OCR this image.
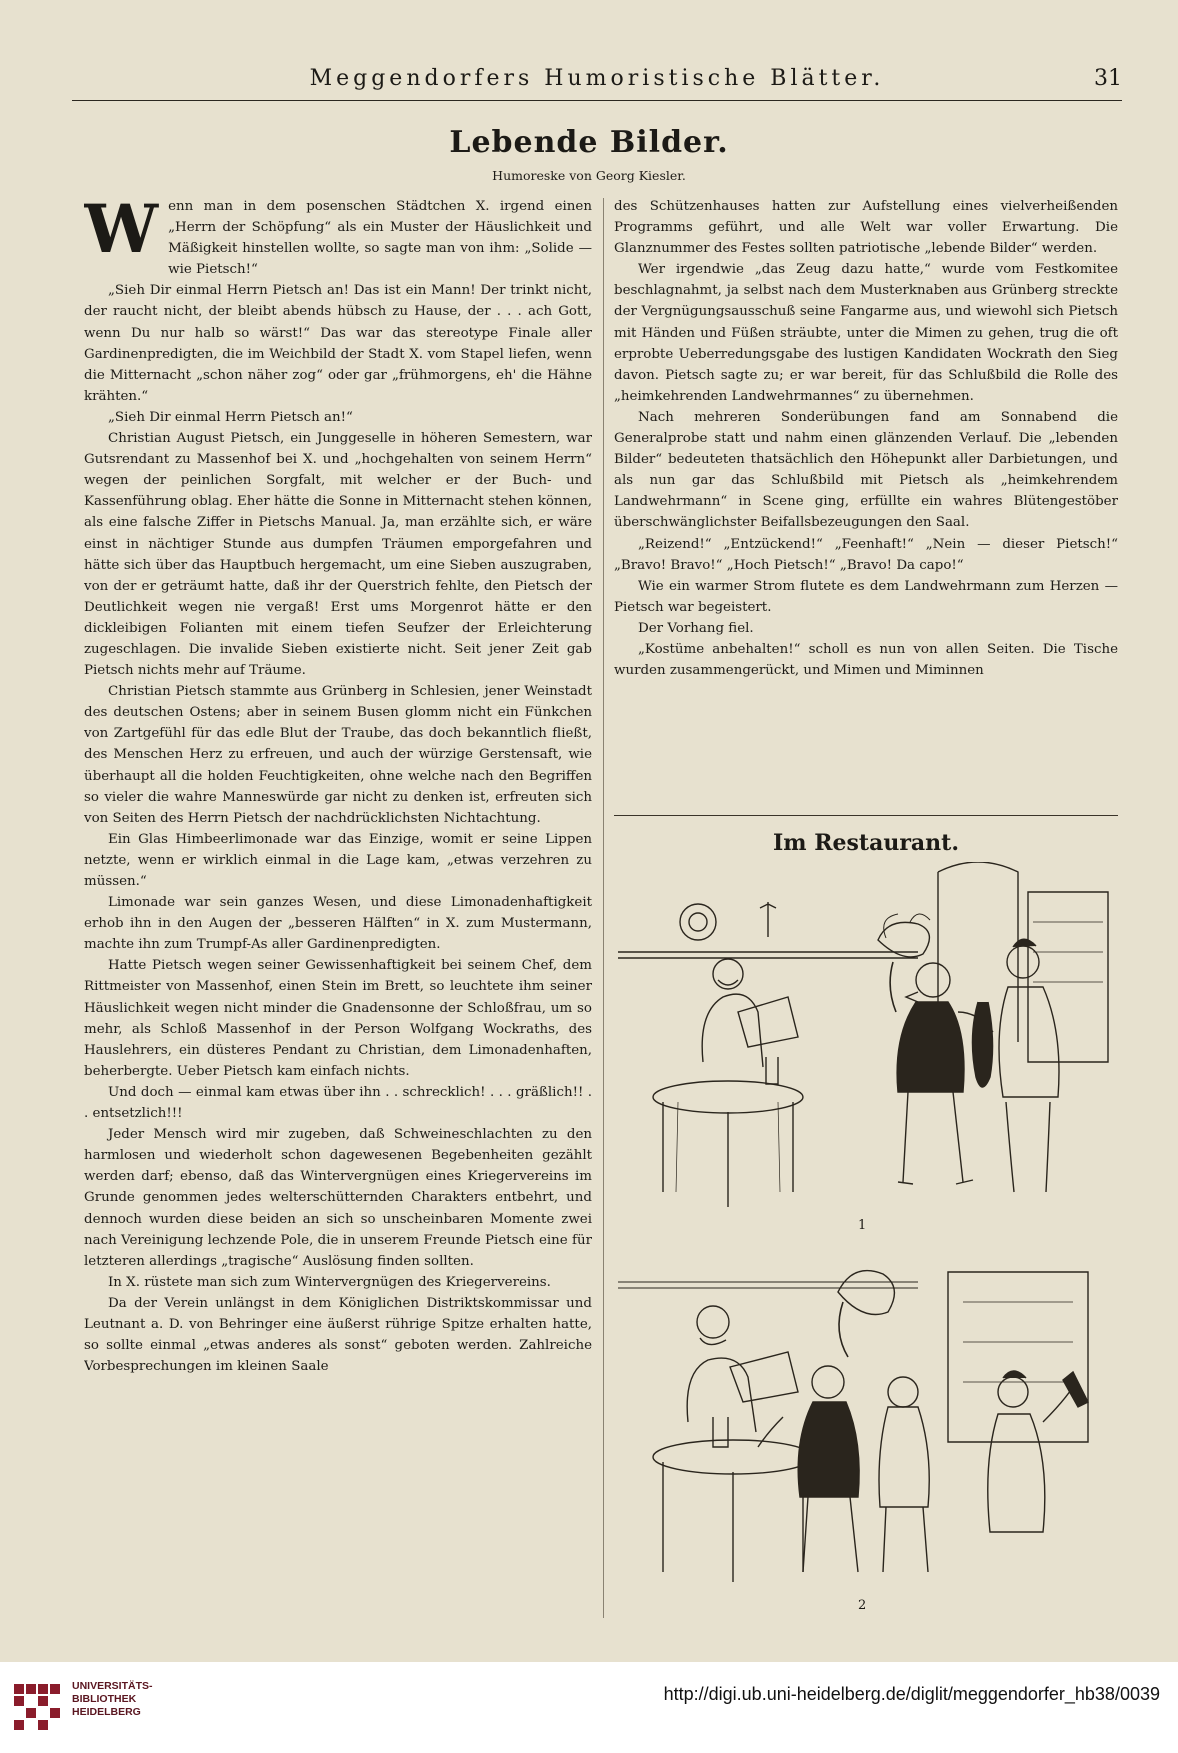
Meggendorfers Humoristische Blätter.	31
Lebende Bilder.
Humoreske von Georg Kiesler.
W enn man in dem posenschen Städtchen X. irgend einen „Herrn der Schöpfung“ als ein Muster der Häuslichkeit und Mäßigkeit hinstellen wollte, so sagte man von ihm: „Solide — wie Pietsch!“

„Sieh Dir einmal Herrn Pietsch an! Das ist ein Mann! Der trinkt nicht, der raucht nicht, der bleibt abends hübsch zu Hause, der . . . ach Gott, wenn Du nur halb so wärst!“ Das war das stereotype Finale aller Gardinenpredigten, die im Weichbild der Stadt X. vom Stapel liefen, wenn die Mitternacht „schon näher zog“ oder gar „frühmorgens, eh' die Hähne krähten.“

„Sieh Dir einmal Herrn Pietsch an!“

Christian August Pietsch, ein Junggeselle in höheren Semestern, war Gutsrendant zu Massenhof bei X. und „hochgehalten von seinem Herrn“ wegen der peinlichen Sorgfalt, mit welcher er der Buch- und Kassenführung oblag. Eher hätte die Sonne in Mitternacht stehen können, als eine falsche Ziffer in Pietschs Manual. Ja, man erzählte sich, er wäre einst in nächtiger Stunde aus dumpfen Träumen emporgefahren und hätte sich über das Hauptbuch hergemacht, um eine Sieben auszugraben, von der er geträumt hatte, daß ihr der Querstrich fehlte, den Pietsch der Deutlichkeit wegen nie vergaß! Erst ums Morgenrot hätte er den dickleibigen Folianten mit einem tiefen Seufzer der Erleichterung zugeschlagen. Die invalide Sieben existierte nicht. Seit jener Zeit gab Pietsch nichts mehr auf Träume.

Christian Pietsch stammte aus Grünberg in Schlesien, jener Weinstadt des deutschen Ostens; aber in seinem Busen glomm nicht ein Fünkchen von Zartgefühl für das edle Blut der Traube, das doch bekanntlich fließt, des Menschen Herz zu erfreuen, und auch der würzige Gerstensaft, wie überhaupt all die holden Feuchtigkeiten, ohne welche nach den Begriffen so vieler die wahre Manneswürde gar nicht zu denken ist, erfreuten sich von Seiten des Herrn Pietsch der nachdrücklichsten Nichtachtung.

Ein Glas Himbeerlimonade war das Einzige, womit er seine Lippen netzte, wenn er wirklich einmal in die Lage kam, „etwas verzehren zu müssen.“

Limonade war sein ganzes Wesen, und diese Limonadenhaftigkeit erhob ihn in den Augen der „besseren Hälften“ in X. zum Mustermann, machte ihn zum Trumpf-As aller Gardinenpredigten.

Hatte Pietsch wegen seiner Gewissenhaftigkeit bei seinem Chef, dem Rittmeister von Massenhof, einen Stein im Brett, so leuchtete ihm seiner Häuslichkeit wegen nicht minder die Gnadensonne der Schloßfrau, um so mehr, als Schloß Massenhof in der Person Wolfgang Wockraths, des Hauslehrers, ein düsteres Pendant zu Christian, dem Limonadenhaften, beherbergte. Ueber Pietsch kam einfach nichts.

Und doch — einmal kam etwas über ihn . . schrecklich! . . . gräßlich!! . . entsetzlich!!!

Jeder Mensch wird mir zugeben, daß Schweineschlachten zu den harmlosen und wiederholt schon dagewesenen Begebenheiten gezählt werden darf; ebenso, daß das Wintervergnügen eines Kriegervereins im Grunde genommen jedes welterschütternden Charakters entbehrt, und dennoch wurden diese beiden an sich so unscheinbaren Momente zwei nach Vereinigung lechzende Pole, die in unserem Freunde Pietsch eine für letzteren allerdings „tragische“ Auslösung finden sollten.

In X. rüstete man sich zum Wintervergnügen des Kriegervereins.

Da der Verein unlängst in dem Königlichen Distriktskommissar und Leutnant a. D. von Behringer eine äußerst rührige Spitze erhalten hatte, so sollte einmal „etwas anderes als sonst“ geboten werden. Zahlreiche Vorbesprechungen im kleinen Saale

des Schützenhauses hatten zur Aufstellung eines vielverheißenden Programms geführt, und alle Welt war voller Erwartung. Die Glanznummer des Festes sollten patriotische „lebende Bilder“ werden.

Wer irgendwie „das Zeug dazu hatte,“ wurde vom Festkomitee beschlagnahmt, ja selbst nach dem Musterknaben aus Grünberg streckte der Vergnügungsausschuß seine Fangarme aus, und wiewohl sich Pietsch mit Händen und Füßen sträubte, unter die Mimen zu gehen, trug die oft erprobte Ueberredungsgabe des lustigen Kandidaten Wockrath den Sieg davon. Pietsch sagte zu; er war bereit, für das Schlußbild die Rolle des „heimkehrenden Landwehrmannes“ zu übernehmen.

Nach mehreren Sonderübungen fand am Sonnabend die Generalprobe statt und nahm einen glänzenden Verlauf. Die „lebenden Bilder“ bedeuteten thatsächlich den Höhepunkt aller Darbietungen, und als nun gar das Schlußbild mit Pietsch als „heimkehrendem Landwehrmann“ in Scene ging, erfüllte ein wahres Blütengestöber überschwänglichster Beifallsbezeugungen den Saal.

„Reizend!“ „Entzückend!“ „Feenhaft!“ „Nein — dieser Pietsch!“ „Bravo! Bravo!“ „Hoch Pietsch!“ „Bravo! Da capo!“

Wie ein warmer Strom flutete es dem Landwehrmann zum Herzen — Pietsch war begeistert.

Der Vorhang fiel.

„Kostüme anbehalten!“ scholl es nun von allen Seiten. Die Tische wurden zusammengerückt, und Mimen und Miminnen

Im Restaurant.
1
2
UNIVERSITÄTS-
BIBLIOTHEK
HEIDELBERG
http://digi.ub.uni-heidelberg.de/diglit/meggendorfer_hb38/0039
